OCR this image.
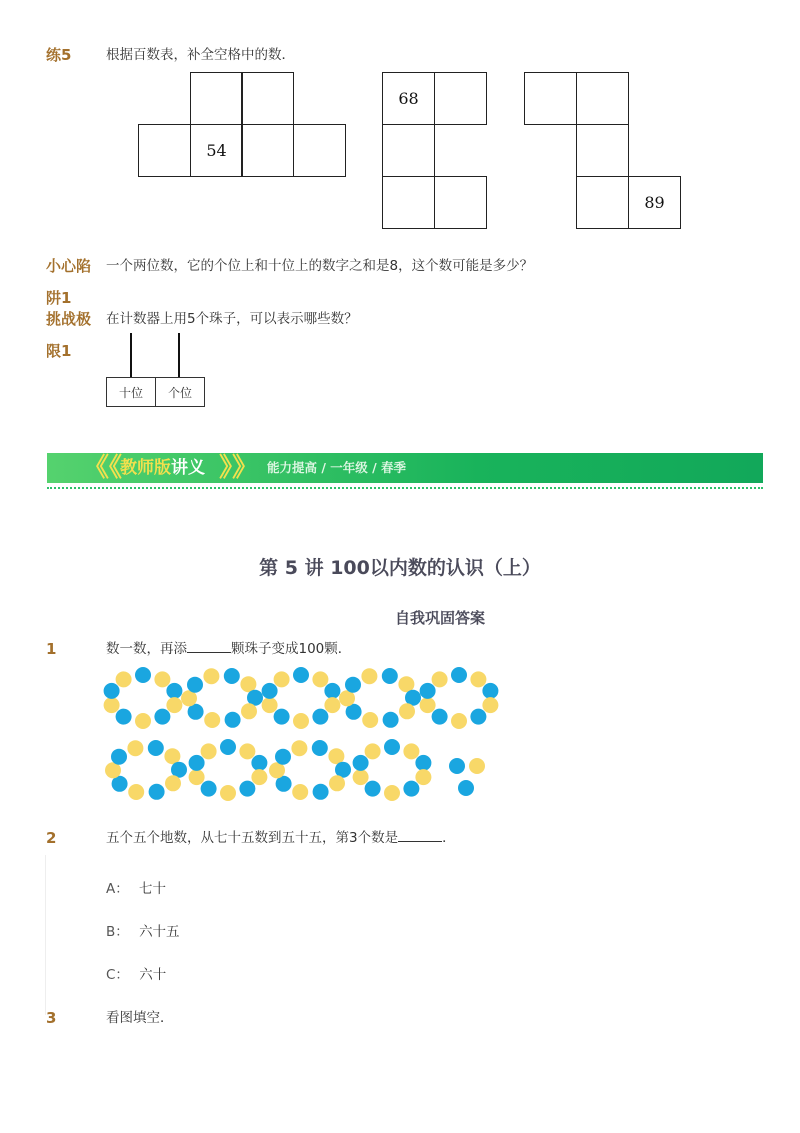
练5	根据百数表，补全空格中的数．
54
68
89
小心陷 一个两位数，它的个位上和十位上的数字之和是8，这个数可能是多少？
阱1
挑战极 在计数器上用5个珠子，可以表示哪些数？
限1
十位	个位
《《
教师版讲义 》》 能力提高 / 一年级 / 春季
第 5 讲 100以内数的认识（上）
自我巩固答案
1	数一数，再添	颗珠子变成100颗．
2	五个五个地数，从七十五数到五十五，第3个数是	．
A： 七十
B： 六十五
C： 六十
3	看图填空．
